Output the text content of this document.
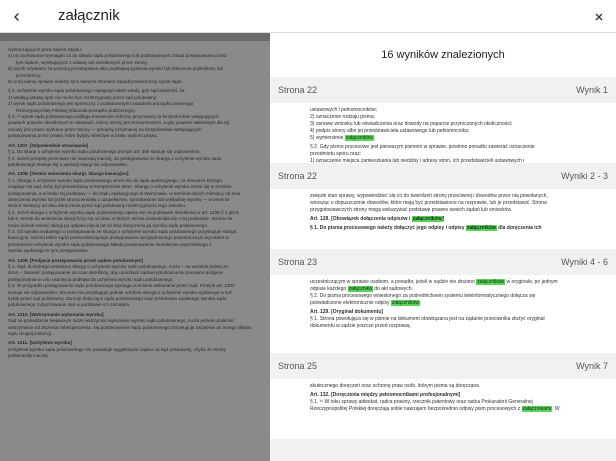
załącznik
wykraczających poza zakres zapisu;
4) na zachowanie wymagań co do składu sądu polubownego lub podstawowych zasad postępowania przed
tym sądem, wynikających z ustawy lub określonych przez strony;
5) wyrok uzyskano za pomocą przestępstwa albo podstawą wydania wyroku był dokument podrobiony lub
przerobiony;
6) w tej samej sprawie między tymi samymi stronami zapadł prawomocny wyrok sądu.
§ 2. Uchylenie wyroku sądu polubownego następuje także wtedy, gdy sąd stwierdzi, że:
1) według ustawy spór nie może być rozstrzygnięty przez sąd polubowny;
2) wyrok sądu polubownego jest sprzeczny z podstawowymi zasadami porządku prawnego
Rzeczypospolitej Polskiej (klauzula porządku publicznego).
§ 3. ¹¹ wyrok sądu polubownego podlega konwencie ochrony przyznanej na bezpośrednie wstępujących
prawach prawnie określonych w ustawach, którzy strony jest konsumentem, a gdy prawem właściwym dla tej
umowy jest prawo wybrane przez strony — przepisy przyznanej na bezpośrednie wstępujących
postępowania przez prawa, które byłyby właściwe w braku wyboru prawa.
Art. 1207. [Odpowiednie stosowanie]
§ 1. Do skargi o uchylenie wyroku sądu polubownego przepis art. 358 stosuje się odpowiednio.
§ 2. Jeżeli przepisy przeciwne nie stanowią inaczej, do postępowania ze skargą o uchylenie wyroku sądu
polubownego stosuje się o apelacji skargi się odpowiednio.
Art. 1208. [Termin wniesienia skargi. Skarga kasacyjna]
§ 1. Skargę o uchylenie wyroku sądu polubownego wnosi się do sądu apelacyjnego, na obszarze którego
znajduje się sąd, który był przewidziany w kompromisie stron. Skargę o uchylenie wyroku wnosi się w terminie
postępowania, a w braku tej podstawy — do Sądu Apelacyjnego w Warszawie, w terminie dwóch miesięcy od dnia
doręczenia wyroku lub jeżeli strona wniosła o uzupełnienie, sprostowanie lub wykładnię wyroku — w terminie
dwóch miesięcy od dnia doręczenia przez sąd polubowny rozstrzygnięcia tego wniosku.
§ 2. Jeżeli skarga o uchylenie wyroku sądu polubownego opiera się na podstawie określonej w art. 1206 § 1 pkt 5
lub 6, termin do wniesienia skargi liczy się od dnia, w którym strona dowiedziała się o tej podstawie. Strona nie
może jednak wnieść skargi po upływie pięciu lat od dnia doręczenia jej wyroku sądu polubownego.
§ 3. Od wyroku wydanego w postępowaniu ze skargą o uchylenie wyroku sądu polubownego przysługuje skarga
kasacyjna. Można także sądzi przewodniczącego postępowania uwzględnionego prawomocnym wyrokiem w
przedmiocie uchylenia wyroku sądu polubownego składa postanowienie nienależnie poprzedniego z
wyroku wydanego w tym postępowaniu.
Art. 1209. [Podjęcie postępowania przed sądem polubownym]
§ 1. Sąd, do którego wniesiono skargę o uchylenie wyroku sądu polubownego, może – na wniosek jednej ze
stron – zawiesić postępowanie na czas określony, aby umożliwić sądowi polubownemu ponowne podjęcie
postępowania w celu usunięcia podstaw do uchylenia wyroku sądu polubownego.
§ 2. W przypadku postępowania sądu polubownego wymaga ocenienia wskazanie przez Sąd. Przepis art. 1202
stosuje się odpowiednio. Stronom nie przysługuje jednak odrębna skarga o uchylenie wyroku wydanego w tym
trybie przez sąd polubowny. Zarzuty dotyczące sądu polubownego oraz przedmiotu wydanego wyroku sądu
polubownego rozpoznawane sąd w podstawie ich zarzutem.
Art. 1210. [Wstrzymanie wykonania wyroku]
Sąd na posiedzeniu niejawnym może wstrzymać wykonanie wyroku sądu polubownego, może jednak uzależnić
wstrzymanie od złożenia zabezpieczenia. Na postanowienie sądu polubownego przysługuje zażalenie do innego składu
sądu drugiej instancji.
Art. 1211. [Uchylenie wyroku]
Uchylenie wyroku sądu polubownego nie powoduje wygaśnięcia zapisu na sąd polubowny, chyba że strony
postanowiły inaczej.
16 wyników znalezionych
Strona 22	Wynik 1
ustawowych i pełnomocników;
2) oznaczenie rodzaju pisma;
3) osnowę wniosku lub oświadczenia oraz dowody na poparcie przytoczonych okoliczności;
4) podpis strony albo jej przedstawiciela ustawowego lub pełnomocnika;
5) wymienienie załączników.
§ 2. Gdy pismo procesowe jest pierwszym pismem w sprawie, powinno ponadto zawierać oznaczenie
przedmiotu sporu oraz:
1) oznaczenie miejsca zamieszkania lub siedziby i adresy stron, ich przedstawicieli ustawowych i
Strona 22	Wyniki 2 - 3
zwięzłe stan sprawy, wypowiedzieć się co do twierdzeń strony przeciwnej i dowodów przez nią powołanych,
wnosząc o dopuszczenie dowodów, które mają być przedstawione na rozprawie, lub je przedstawić. Strona
przygotowawczych strony mogą wskazywać podstawę prawne swoich żądań lub wniosków.
Art. 128. [Obowiązek dołączenia odpisów i załączników]
§ 1. Do pisma procesowego należy dołączyć jego odpisy i odpisy załączników dla doręczenia ich
Strona 23	Wyniki 4 - 6
uczestniczącym w sprawie osobom, a ponadto, jeżeli w sądzie nie złożono załączników w oryginale, po jednym
odpisie każdego załącznika do akt sądowych.
§ 2. Do pisma procesowego wniesionego za pośrednictwem systemu teleinformatycznego dołącza się
poświadczone elektronicznie odpisy załączników.
Art. 129. [Oryginał dokumentu]
§ 1. Strona powołująca się w piśmie na dokument obowiązana jest na żądanie przeciwnika złożyć oryginał
dokumentu w sądzie jeszcze przed rozprawą.
Strona 25	Wynik 7
skutecznego doręczeń oraz ochronę praw osób, którym pisma są doręczane.
Art. 132. [Doręczenia między pełnomocnikami profesjonalnymi]
§ 1. ¹¹ W toku sprawy adwokat, radca prawny, rzecznik patentowy oraz radca Prokuratorii Generalnej
Rzeczypospolitej Polskiej doręczają sobie nawzajem bezpośrednio odpisy pism procesowych z załącznikami. W
